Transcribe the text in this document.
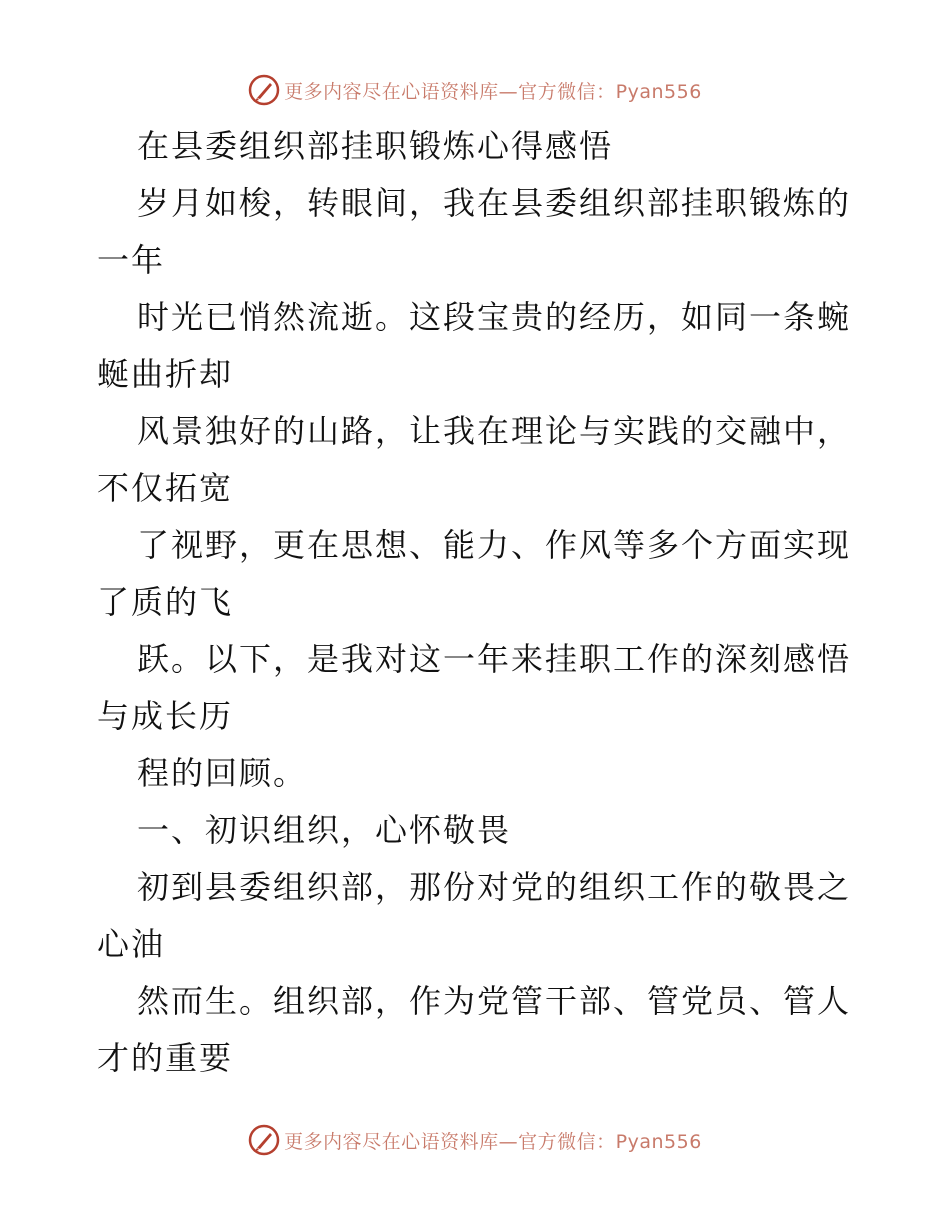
更多内容尽在心语资料库—官方微信：Pyan556
在县委组织部挂职锻炼心得感悟
岁月如梭，转眼间，我在县委组织部挂职锻炼的
一年
时光已悄然流逝。这段宝贵的经历，如同一条蜿
蜒曲折却
风景独好的山路，让我在理论与实践的交融中，
不仅拓宽
了视野，更在思想、能力、作风等多个方面实现
了质的飞
跃。以下，是我对这一年来挂职工作的深刻感悟
与成长历
程的回顾。
一、初识组织，心怀敬畏
初到县委组织部，那份对党的组织工作的敬畏之
心油
然而生。组织部，作为党管干部、管党员、管人
才的重要
更多内容尽在心语资料库—官方微信：Pyan556
